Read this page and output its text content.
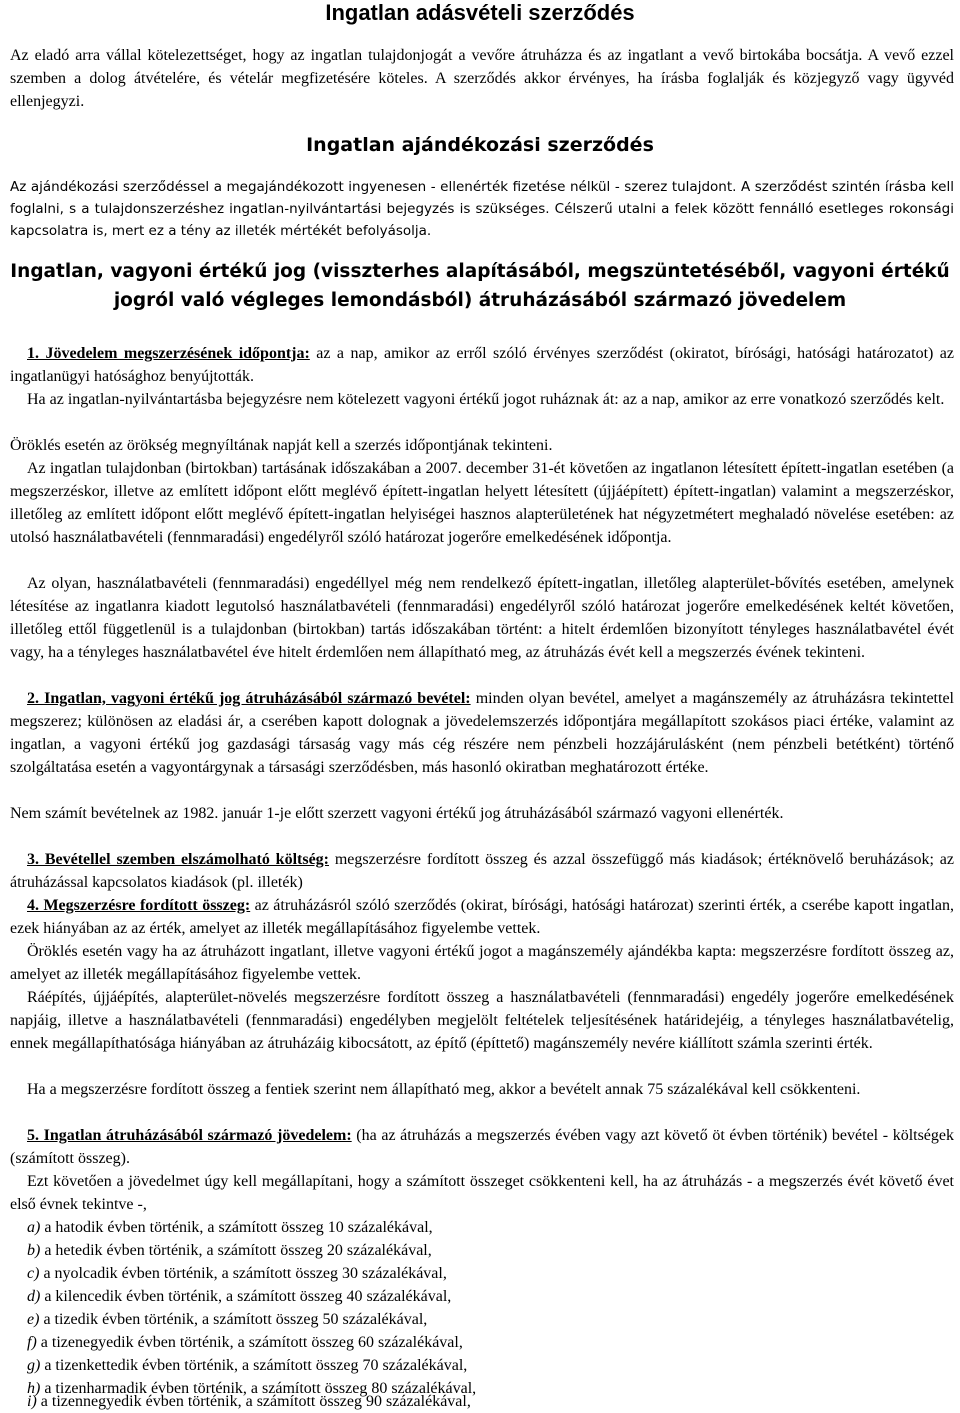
Ingatlan adásvételi szerződés
Az eladó arra vállal kötelezettséget, hogy az ingatlan tulajdonjogát a vevőre átruházza és az ingatlant a vevő birtokába bocsátja. A vevő ezzel szemben a dolog átvételére, és vételár megfizetésére köteles. A szerződés akkor érvényes, ha írásba foglalják és közjegyző vagy ügyvéd ellenjegyzi.
Ingatlan ajándékozási szerződés
Az ajándékozási szerződéssel a megajándékozott ingyenesen - ellenérték fizetése nélkül - szerez tulajdont. A szerződést szintén írásba kell foglalni, s a tulajdonszerzéshez ingatlan-nyilvántartási bejegyzés is szükséges. Célszerű utalni a felek között fennálló esetleges rokonsági kapcsolatra is, mert ez a tény az illeték mértékét befolyásolja.
Ingatlan, vagyoni értékű jog (visszterhes alapításából, megszüntetéséből, vagyoni értékű jogról való végleges lemondásból) átruházásából származó jövedelem
1. Jövedelem megszerzésének időpontja: az a nap, amikor az erről szóló érvényes szerződést (okiratot, bírósági, hatósági határozatot) az ingatlanügyi hatósághoz benyújtották.
Ha az ingatlan-nyilvántartásba bejegyzésre nem kötelezett vagyoni értékű jogot ruháznak át: az a nap, amikor az erre vonatkozó szerződés kelt.
Öröklés esetén az örökség megnyíltának napját kell a szerzés időpontjának tekinteni.
Az ingatlan tulajdonban (birtokban) tartásának időszakában a 2007. december 31-ét követően az ingatlanon létesített épített-ingatlan esetében (a megszerzéskor, illetve az említett időpont előtt meglévő épített-ingatlan helyett létesített (újjáépített) épített-ingatlan) valamint a megszerzéskor, illetőleg az említett időpont előtt meglévő épített-ingatlan helyiségei hasznos alapterületének hat négyzetmétert meghaladó növelése esetében: az utolsó használatbavételi (fennmaradási) engedélyről szóló határozat jogerőre emelkedésének időpontja.
Az olyan, használatbavételi (fennmaradási) engedéllyel még nem rendelkező épített-ingatlan, illetőleg alapterület-bővítés esetében, amelynek létesítése az ingatlanra kiadott legutolsó használatbavételi (fennmaradási) engedélyről szóló határozat jogerőre emelkedésének keltét követően, illetőleg ettől függetlenül is a tulajdonban (birtokban) tartás időszakában történt: a hitelt érdemlően bizonyított tényleges használatbavétel évét vagy, ha a tényleges használatbavétel éve hitelt érdemlően nem állapítható meg, az átruházás évét kell a megszerzés évének tekinteni.
2. Ingatlan, vagyoni értékű jog átruházásából származó bevétel: minden olyan bevétel, amelyet a magánszemély az átruházásra tekintettel megszerez; különösen az eladási ár, a cserében kapott dolognak a jövedelemszerzés időpontjára megállapított szokásos piaci értéke, valamint az ingatlan, a vagyoni értékű jog gazdasági társaság vagy más cég részére nem pénzbeli hozzájárulásként (nem pénzbeli betétként) történő szolgáltatása esetén a vagyontárgynak a társasági szerződésben, más hasonló okiratban meghatározott értéke.
Nem számít bevételnek az 1982. január 1-je előtt szerzett vagyoni értékű jog átruházásából származó vagyoni ellenérték.
3. Bevétellel szemben elszámolható költség: megszerzésre fordított összeg és azzal összefüggő más kiadások; értéknövelő beruházások; az átruházással kapcsolatos kiadások (pl. illeték)
4. Megszerzésre fordított összeg: az átruházásról szóló szerződés (okirat, bírósági, hatósági határozat) szerinti érték, a cserébe kapott ingatlan, ezek hiányában az az érték, amelyet az illeték megállapításához figyelembe vettek.
Öröklés esetén vagy ha az átruházott ingatlant, illetve vagyoni értékű jogot a magánszemély ajándékba kapta: megszerzésre fordított összeg az, amelyet az illeték megállapításához figyelembe vettek.
Ráépítés, újjáépítés, alapterület-növelés megszerzésre fordított összeg a használatbavételi (fennmaradási) engedély jogerőre emelkedésének napjáig, illetve a használatbavételi (fennmaradási) engedélyben megjelölt feltételek teljesítésének határidejéig, a tényleges használatbavételig, ennek megállapíthatósága hiányában az átruházáig kibocsátott, az építő (építtető) magánszemély nevére kiállított számla szerinti érték.
Ha a megszerzésre fordított összeg a fentiek szerint nem állapítható meg, akkor a bevételt annak 75 százalékával kell csökkenteni.
5. Ingatlan átruházásából származó jövedelem: (ha az átruházás a megszerzés évében vagy azt követő öt évben történik) bevétel - költségek (számított összeg).
Ezt követően a jövedelmet úgy kell megállapítani, hogy a számított összeget csökkenteni kell, ha az átruházás - a megszerzés évét követő évet első évnek tekintve -,
a) a hatodik évben történik, a számított összeg 10 százalékával,
b) a hetedik évben történik, a számított összeg 20 százalékával,
c) a nyolcadik évben történik, a számított összeg 30 százalékával,
d) a kilencedik évben történik, a számított összeg 40 százalékával,
e) a tizedik évben történik, a számított összeg 50 százalékával,
f) a tizenegyedik évben történik, a számított összeg 60 százalékával,
g) a tizenkettedik évben történik, a számított összeg 70 százalékával,
h) a tizenharmadik évben történik, a számított összeg 80 százalékával,
i) a tizennegyedik évben történik, a számított összeg 90 százalékával,
